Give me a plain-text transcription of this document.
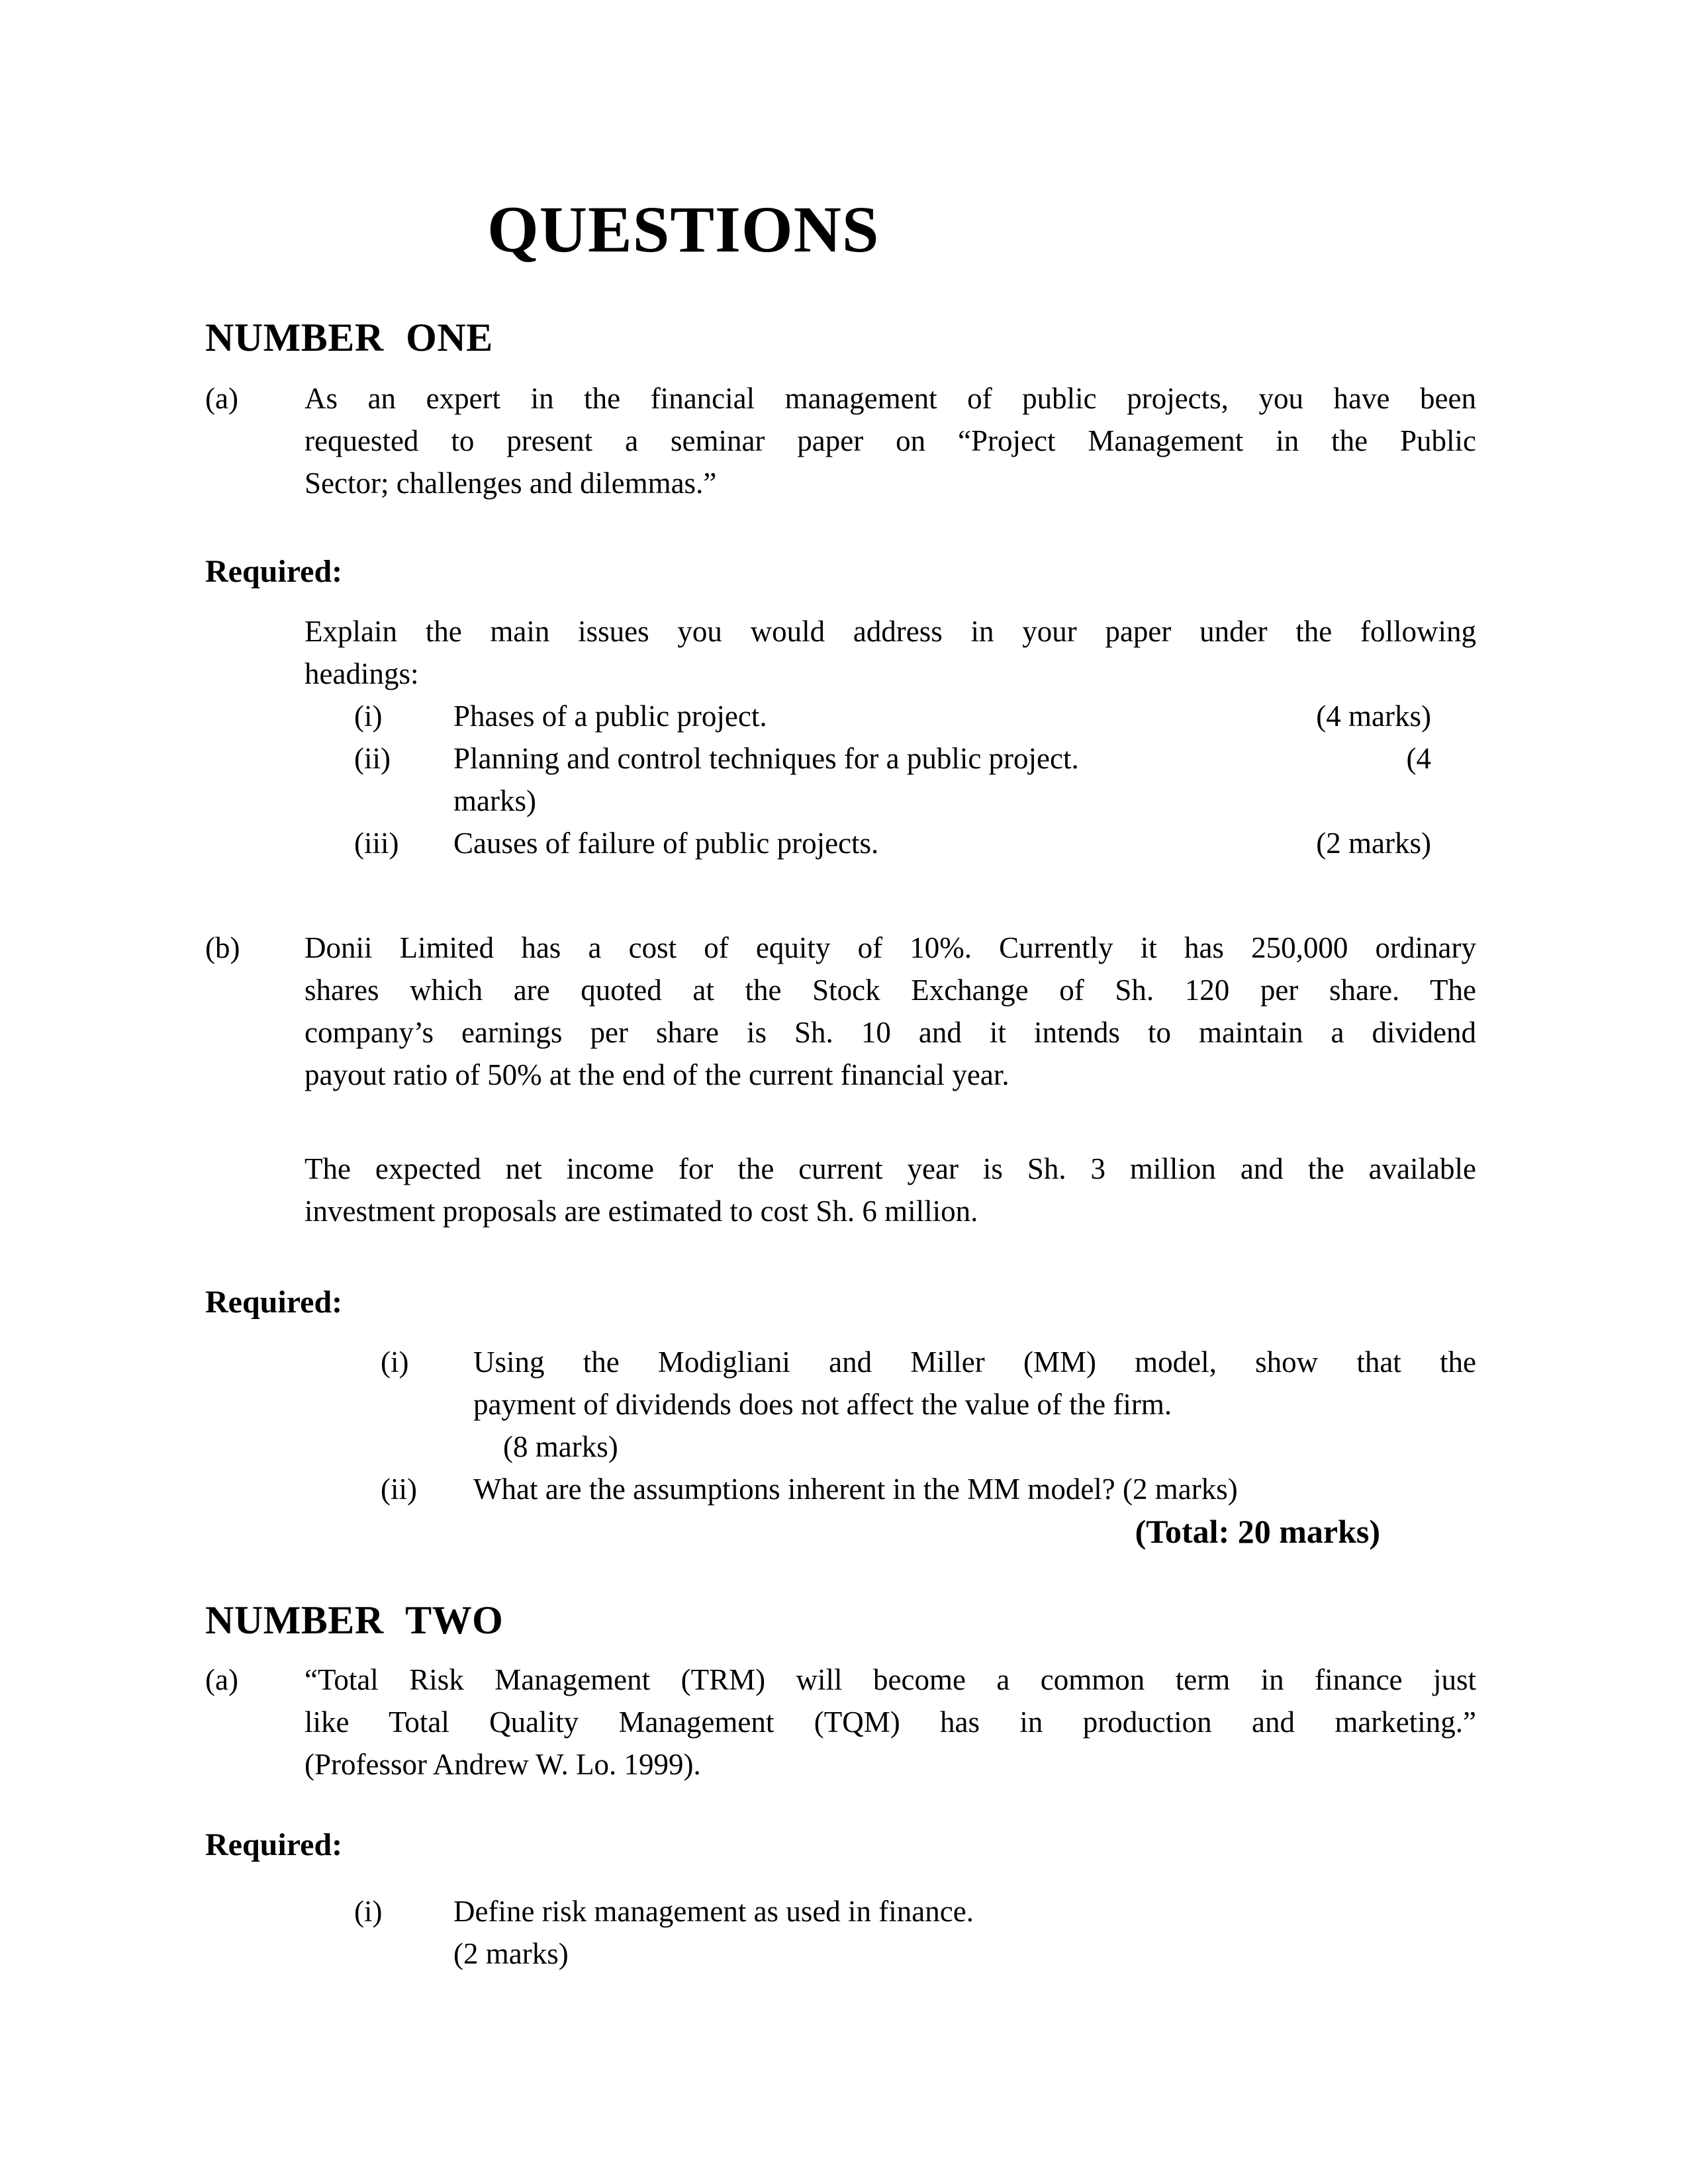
QUESTIONS
NUMBER ONE
(a)	As an expert in the financial management of public projects, you have been
requested to present a seminar paper on “Project Management in the Public
Sector; challenges and dilemmas.”
Required:
Explain the main issues you would address in your paper under the following
headings:
(i)	Phases of a public project.	(4 marks)
(ii)	Planning and control techniques for a public project.	(4
marks)
(iii)	Causes of failure of public projects.	(2 marks)
(b)	Donii Limited has a cost of equity of 10%. Currently it has 250,000 ordinary
shares which are quoted at the Stock Exchange of Sh. 120 per share. The
company’s earnings per share is Sh. 10 and it intends to maintain a dividend
payout ratio of 50% at the end of the current financial year.
The expected net income for the current year is Sh. 3 million and the available
investment proposals are estimated to cost Sh. 6 million.
Required:
(i)	Using the Modigliani and Miller (MM) model, show that the
payment of dividends does not affect the value of the firm.
(8 marks)
(ii)	What are the assumptions inherent in the MM model? (2 marks)
(Total: 20 marks)
NUMBER TWO
(a)	“Total Risk Management (TRM) will become a common term in finance just
like Total Quality Management (TQM) has in production and marketing.”
(Professor Andrew W. Lo. 1999).
Required:
(i)	Define risk management as used in finance.
(2 marks)
